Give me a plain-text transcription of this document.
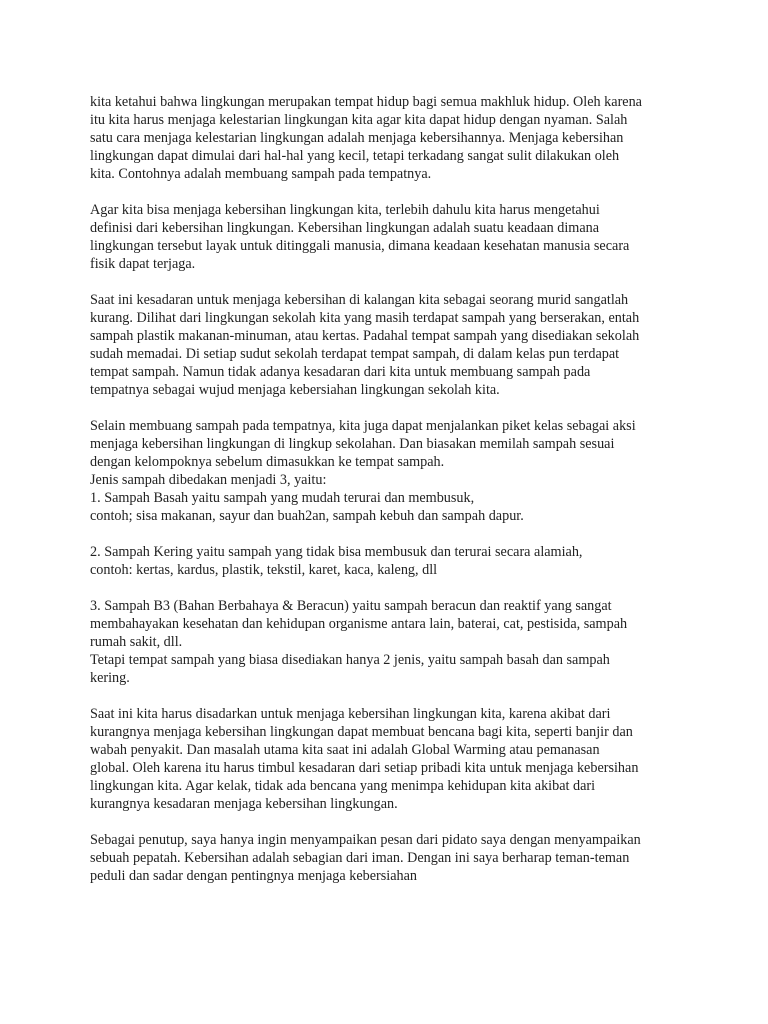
kita ketahui bahwa lingkungan merupakan tempat hidup bagi semua makhluk hidup. Oleh karena
itu kita harus menjaga kelestarian lingkungan kita agar kita dapat hidup dengan nyaman. Salah
satu cara menjaga kelestarian lingkungan adalah menjaga kebersihannya. Menjaga kebersihan
lingkungan dapat dimulai dari hal-hal yang kecil, tetapi terkadang sangat sulit dilakukan oleh
kita. Contohnya adalah membuang sampah pada tempatnya.
Agar kita bisa menjaga kebersihan lingkungan kita, terlebih dahulu kita harus mengetahui
definisi dari kebersihan lingkungan. Kebersihan lingkungan adalah suatu keadaan dimana
lingkungan tersebut layak untuk ditinggali manusia, dimana keadaan kesehatan manusia secara
fisik dapat terjaga.
Saat ini kesadaran untuk menjaga kebersihan di kalangan kita sebagai seorang murid sangatlah
kurang. Dilihat dari lingkungan sekolah kita yang masih terdapat sampah yang berserakan, entah
sampah plastik makanan-minuman, atau kertas. Padahal tempat sampah yang disediakan sekolah
sudah memadai. Di setiap sudut sekolah terdapat tempat sampah, di dalam kelas pun terdapat
tempat sampah. Namun tidak adanya kesadaran dari kita untuk membuang sampah pada
tempatnya sebagai wujud menjaga kebersiahan lingkungan sekolah kita.
Selain membuang sampah pada tempatnya, kita juga dapat menjalankan piket kelas sebagai aksi
menjaga kebersihan lingkungan di lingkup sekolahan. Dan biasakan memilah sampah sesuai
dengan kelompoknya sebelum dimasukkan ke tempat sampah.
Jenis sampah dibedakan menjadi 3, yaitu:
1. Sampah Basah yaitu sampah yang mudah terurai dan membusuk,
contoh; sisa makanan, sayur dan buah2an, sampah kebuh dan sampah dapur.
2. Sampah Kering yaitu sampah yang tidak bisa membusuk dan terurai secara alamiah,
contoh: kertas, kardus, plastik, tekstil, karet, kaca, kaleng, dll
3. Sampah B3 (Bahan Berbahaya & Beracun) yaitu sampah beracun dan reaktif yang sangat
membahayakan kesehatan dan kehidupan organisme antara lain, baterai, cat, pestisida, sampah
rumah sakit, dll.
Tetapi tempat sampah yang biasa disediakan hanya 2 jenis, yaitu sampah basah dan sampah
kering.
Saat ini kita harus disadarkan untuk menjaga kebersihan lingkungan kita, karena akibat dari
kurangnya menjaga kebersihan lingkungan dapat membuat bencana bagi kita, seperti banjir dan
wabah penyakit. Dan masalah utama kita saat ini adalah Global Warming atau pemanasan
global. Oleh karena itu harus timbul kesadaran dari setiap pribadi kita untuk menjaga kebersihan
lingkungan kita. Agar kelak, tidak ada bencana yang menimpa kehidupan kita akibat dari
kurangnya kesadaran menjaga kebersihan lingkungan.
Sebagai penutup, saya hanya ingin menyampaikan pesan dari pidato saya dengan menyampaikan
sebuah pepatah. Kebersihan adalah sebagian dari iman. Dengan ini saya berharap teman-teman
peduli dan sadar dengan pentingnya menjaga kebersiahan
